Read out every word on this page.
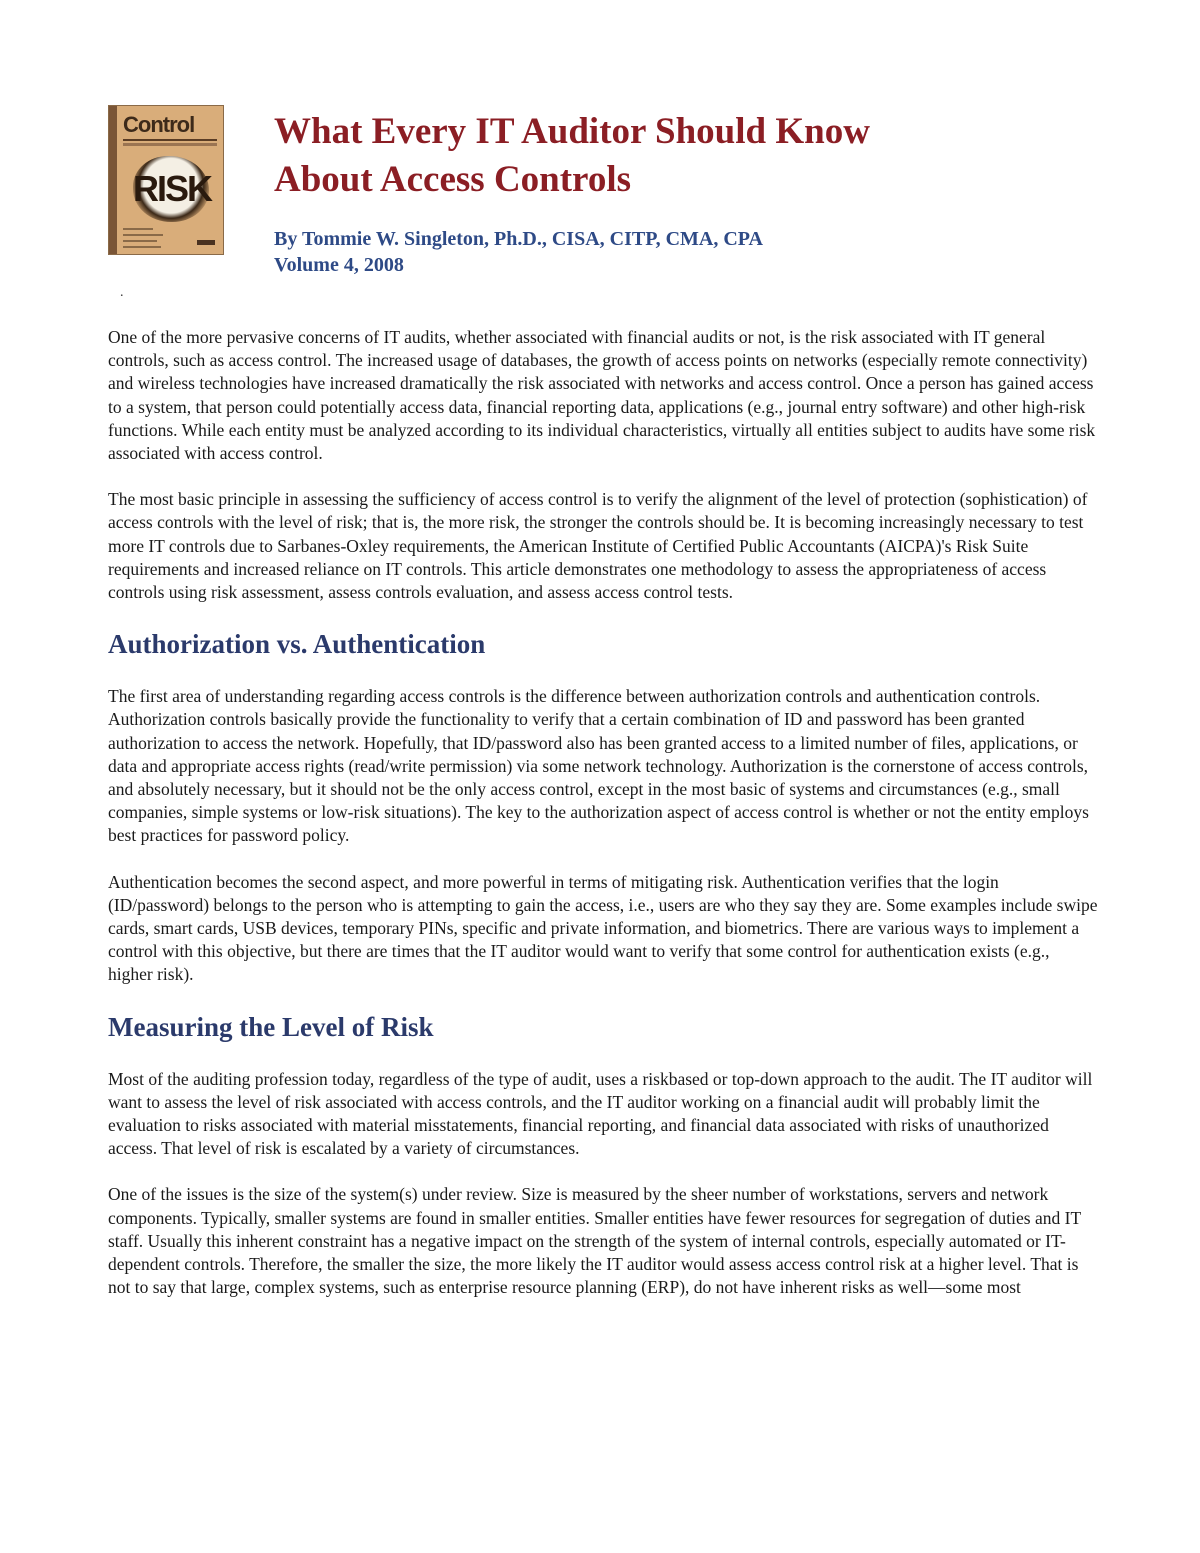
Control
RISK
What Every IT Auditor Should Know
About Access Controls
By Tommie W. Singleton, Ph.D., CISA, CITP, CMA, CPA
Volume 4, 2008
.

One of the more pervasive concerns of IT audits, whether associated with financial audits or not, is the risk associated with IT general controls, such as access control. The increased usage of databases, the growth of access points on networks (especially remote connectivity) and wireless technologies have increased dramatically the risk associated with networks and access control. Once a person has gained access to a system, that person could potentially access data, financial reporting data, applications (e.g., journal entry software) and other high-risk functions. While each entity must be analyzed according to its individual characteristics, virtually all entities subject to audits have some risk associated with access control.

The most basic principle in assessing the sufficiency of access control is to verify the alignment of the level of protection (sophistication) of access controls with the level of risk; that is, the more risk, the stronger the controls should be. It is becoming increasingly necessary to test more IT controls due to Sarbanes-Oxley requirements, the American Institute of Certified Public Accountants (AICPA)'s Risk Suite requirements and increased reliance on IT controls. This article demonstrates one methodology to assess the appropriateness of access controls using risk assessment, assess controls evaluation, and assess access control tests.

Authorization vs. Authentication

The first area of understanding regarding access controls is the difference between authorization controls and authentication controls. Authorization controls basically provide the functionality to verify that a certain combination of ID and password has been granted authorization to access the network. Hopefully, that ID/password also has been granted access to a limited number of files, applications, or data and appropriate access rights (read/write permission) via some network technology. Authorization is the cornerstone of access controls, and absolutely necessary, but it should not be the only access control, except in the most basic of systems and circumstances (e.g., small companies, simple systems or low-risk situations). The key to the authorization aspect of access control is whether or not the entity employs best practices for password policy.

Authentication becomes the second aspect, and more powerful in terms of mitigating risk. Authentication verifies that the login (ID/password) belongs to the person who is attempting to gain the access, i.e., users are who they say they are. Some examples include swipe cards, smart cards, USB devices, temporary PINs, specific and private information, and biometrics. There are various ways to implement a control with this objective, but there are times that the IT auditor would want to verify that some control for authentication exists (e.g., higher risk).

Measuring the Level of Risk

Most of the auditing profession today, regardless of the type of audit, uses a riskbased or top-down approach to the audit. The IT auditor will want to assess the level of risk associated with access controls, and the IT auditor working on a financial audit will probably limit the evaluation to risks associated with material misstatements, financial reporting, and financial data associated with risks of unauthorized access. That level of risk is escalated by a variety of circumstances.

One of the issues is the size of the system(s) under review. Size is measured by the sheer number of workstations, servers and network components. Typically, smaller systems are found in smaller entities. Smaller entities have fewer resources for segregation of duties and IT staff. Usually this inherent constraint has a negative impact on the strength of the system of internal controls, especially automated or IT-dependent controls. Therefore, the smaller the size, the more likely the IT auditor would assess access control risk at a higher level. That is not to say that large, complex systems, such as enterprise resource planning (ERP), do not have inherent risks as well—some most
